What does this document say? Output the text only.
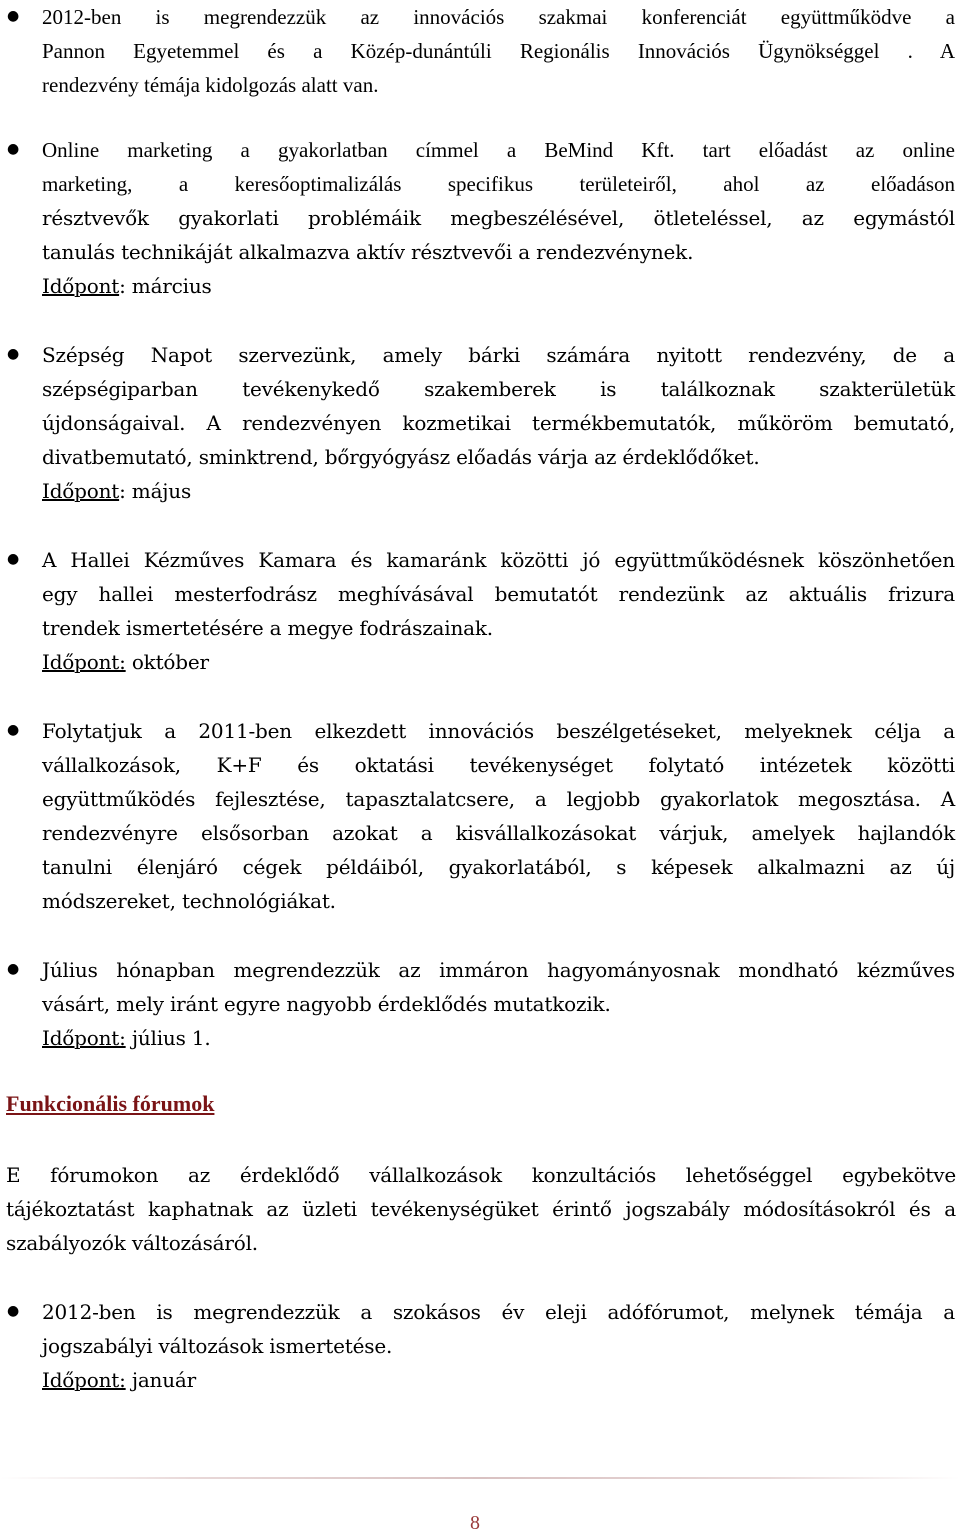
● 2012-ben is megrendezzük az innovációs szakmai konferenciát együttműködve a
Pannon Egyetemmel és a Közép-dunántúli Regionális Innovációs Ügynökséggel . A
rendezvény témája kidolgozás alatt van.
● Online marketing a gyakorlatban címmel a BeMind Kft. tart előadást az online
marketing, a keresőoptimalizálás specifikus területeiről, ahol az előadáson
résztvevők gyakorlati problémáik megbeszélésével, ötleteléssel, az egymástól
tanulás technikáját alkalmazva aktív résztvevői a rendezvénynek.
Időpont: március
● Szépség Napot szervezünk, amely bárki számára nyitott rendezvény, de a
szépségiparban tevékenykedő szakemberek is találkoznak szakterületük
újdonságaival. A rendezvényen kozmetikai termékbemutatók, műköröm bemutató,
divatbemutató, sminktrend, bőrgyógyász előadás várja az érdeklődőket.
Időpont: május
● A Hallei Kézműves Kamara és kamaránk közötti jó együttműködésnek köszönhetően
egy hallei mesterfodrász meghívásával bemutatót rendezünk az aktuális frizura
trendek ismertetésére a megye fodrászainak.
Időpont: október
● Folytatjuk a 2011-ben elkezdett innovációs beszélgetéseket, melyeknek célja a
vállalkozások, K+F és oktatási tevékenységet folytató intézetek közötti
együttműködés fejlesztése, tapasztalatcsere, a legjobb gyakorlatok megosztása. A
rendezvényre elsősorban azokat a kisvállalkozásokat várjuk, amelyek hajlandók
tanulni élenjáró cégek példáiból, gyakorlatából, s képesek alkalmazni az új
módszereket, technológiákat.
● Július hónapban megrendezzük az immáron hagyományosnak mondható kézműves
vásárt, mely iránt egyre nagyobb érdeklődés mutatkozik.
Időpont: július 1.
Funkcionális fórumok
E fórumokon az érdeklődő vállalkozások konzultációs lehetőséggel egybekötve
tájékoztatást kaphatnak az üzleti tevékenységüket érintő jogszabály módosításokról és a
szabályozók változásáról.
● 2012-ben is megrendezzük a szokásos év eleji adófórumot, melynek témája a
jogszabályi változások ismertetése.
Időpont: január
8
